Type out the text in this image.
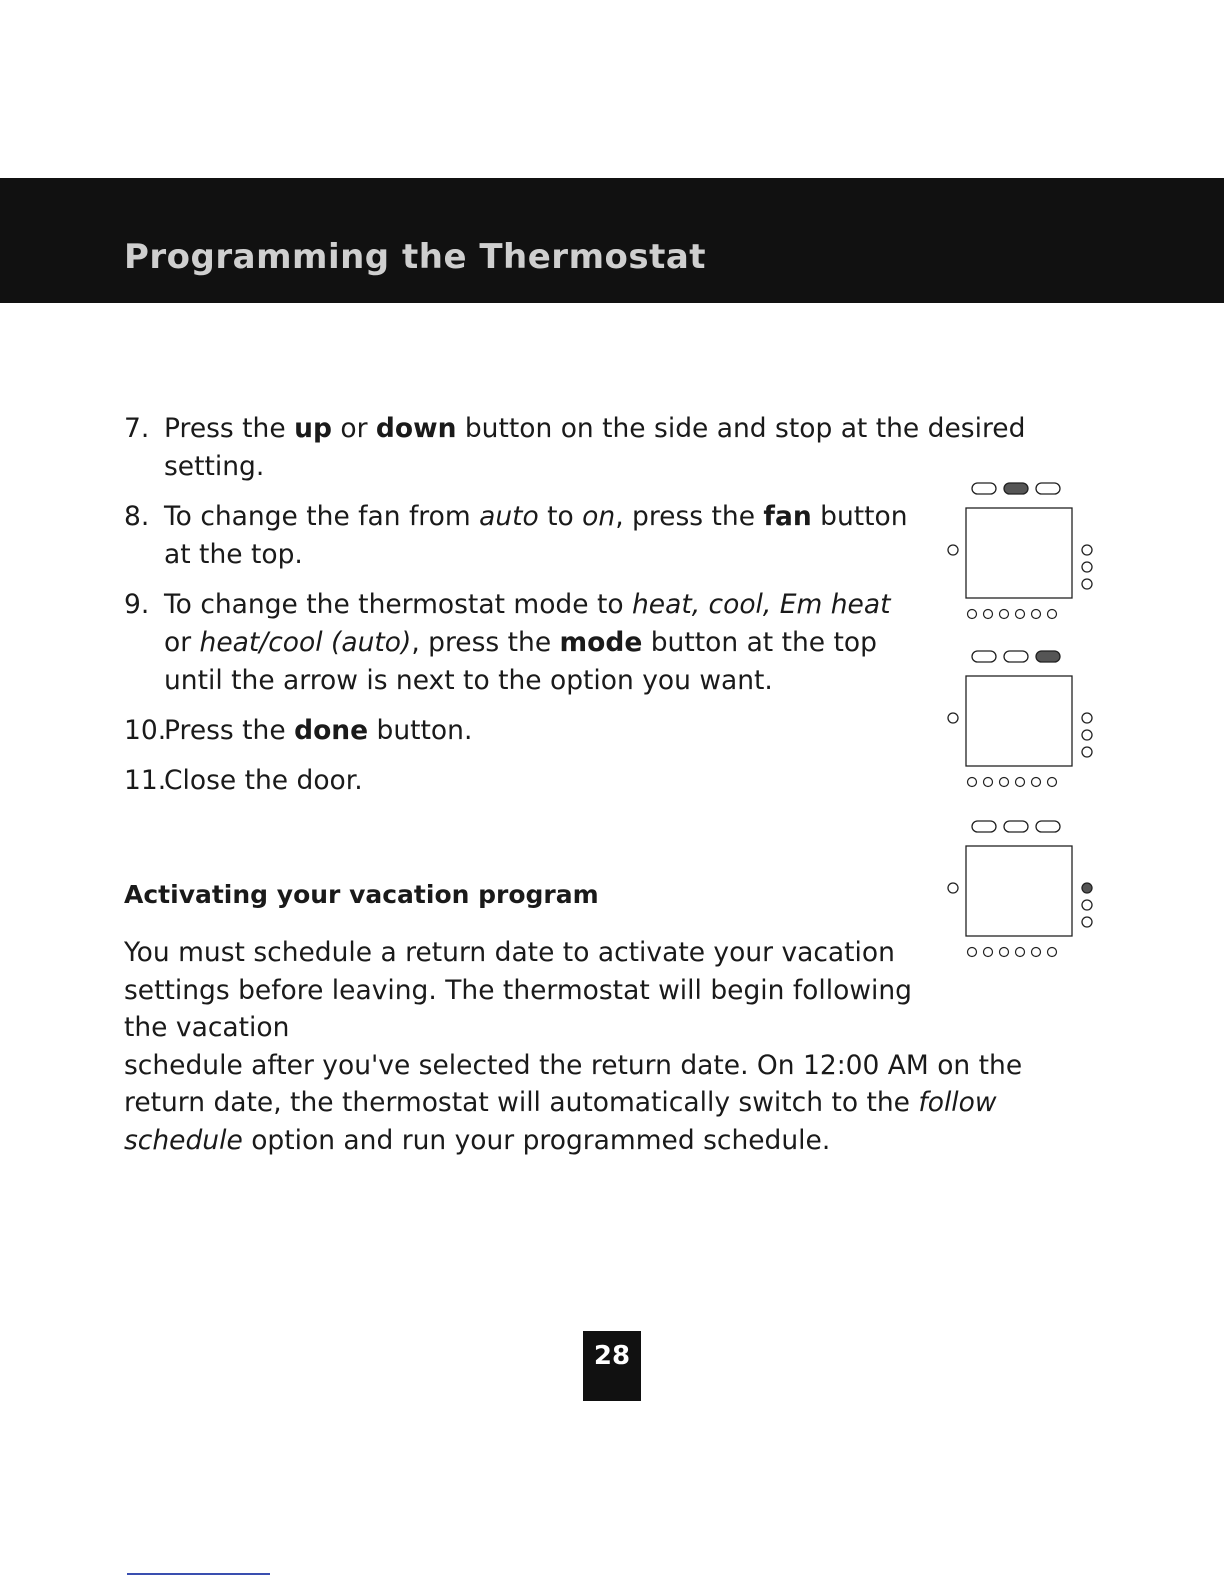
Programming the Thermostat
7. Press the up or down button on the side and stop at the desired setting.
8. To change the fan from auto to on, press the fan button at the top.
9. To change the thermostat mode to heat, cool, Em heat or heat/cool (auto), press the mode button at the top until the arrow is next to the option you want.
10.
Press the done button.
11.
Close the door.
Activating your vacation program

You must schedule a return date to activate your vacation settings before leaving. The thermostat will begin following the vacation
schedule after you've selected the return date. On 12:00 AM on the return date, the thermostat will automatically switch to the follow schedule option and run your programmed schedule.

28
